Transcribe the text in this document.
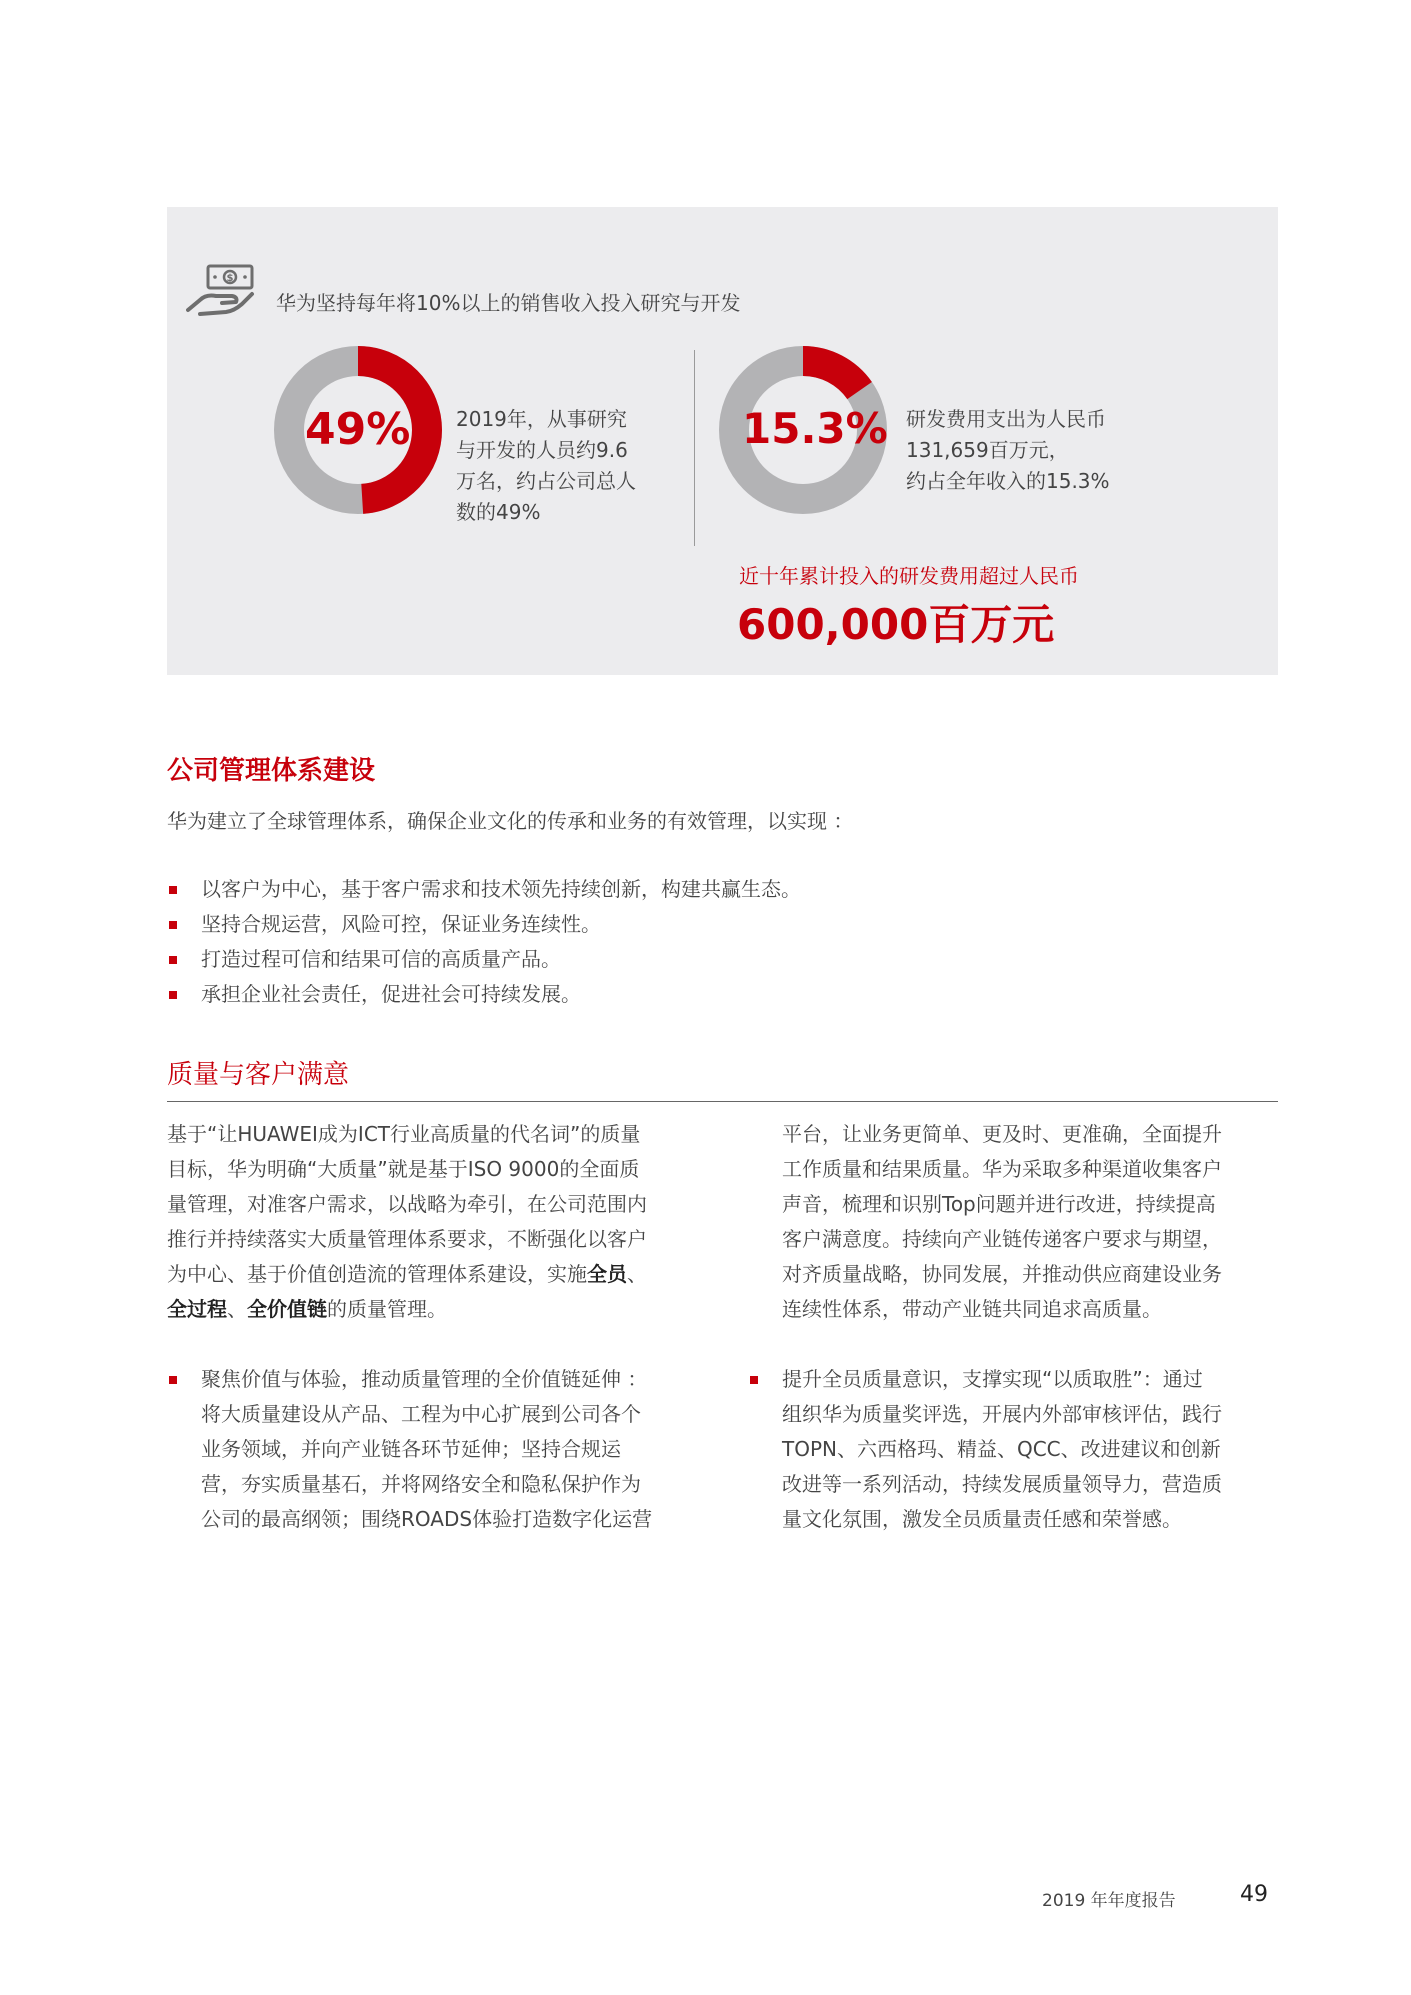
$
华为坚持每年将10%以上的销售收入投入研究与开发
49% 2019年，从事研究
与开发的人员约9.6
万名，约占公司总人
数的49%
15.3% 研发费用支出为人民币
131,659百万元，
约占全年收入的15.3%
近十年累计投入的研发费用超过人民币
600,000百万元
公司管理体系建设
华为建立了全球管理体系，确保企业文化的传承和业务的有效管理，以实现 ：
以客户为中心，基于客户需求和技术领先持续创新，构建共赢生态。
坚持合规运营，风险可控，保证业务连续性。
打造过程可信和结果可信的高质量产品。
承担企业社会责任，促进社会可持续发展。
质量与客户满意
基于“让HUAWEI成为ICT行业高质量的代名词”的质量
目标，华为明确“大质量”就是基于ISO 9000的全面质
量管理，对准客户需求，以战略为牵引，在公司范围内
推行并持续落实大质量管理体系要求，不断强化以客户
为中心、基于价值创造流的管理体系建设，实施全员、
全过程、全价值链的质量管理。
平台，让业务更简单、更及时、更准确，全面提升
工作质量和结果质量。华为采取多种渠道收集客户
声音，梳理和识别Top问题并进行改进，持续提高
客户满意度。持续向产业链传递客户要求与期望，
对齐质量战略，协同发展，并推动供应商建设业务
连续性体系，带动产业链共同追求高质量。
聚焦价值与体验，推动质量管理的全价值链延伸 ：
将大质量建设从产品、工程为中心扩展到公司各个
业务领域，并向产业链各环节延伸；坚持合规运
营，夯实质量基石，并将网络安全和隐私保护作为
公司的最高纲领；围绕ROADS体验打造数字化运营
提升全员质量意识，支撑实现“以质取胜”：通过
组织华为质量奖评选，开展内外部审核评估，践行
TOPN、六西格玛、精益、QCC、改进建议和创新
改进等一系列活动，持续发展质量领导力，营造质
量文化氛围，激发全员质量责任感和荣誉感。
2019 年年度报告	49
